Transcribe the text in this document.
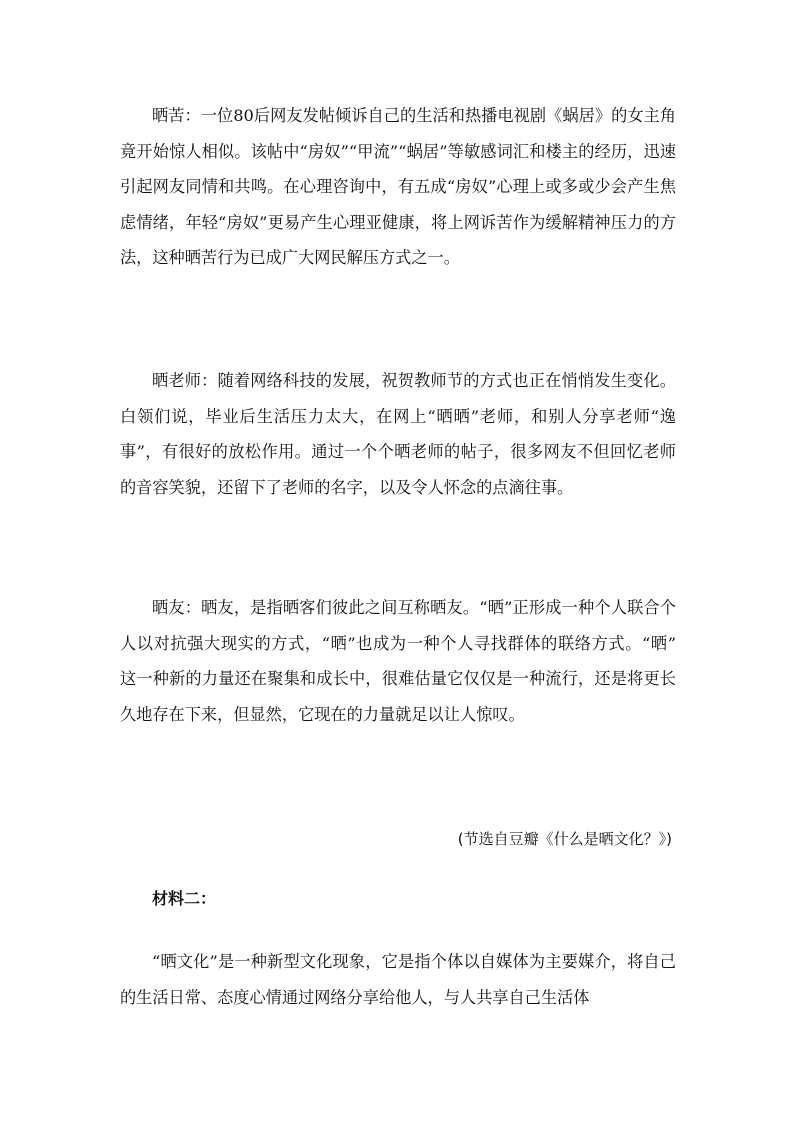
晒苦：一位80后网友发帖倾诉自己的生活和热播电视剧《蜗居》的女主角竟开始惊人相似。该帖中“房奴”“甲流”“蜗居”等敏感词汇和楼主的经历，迅速引起网友同情和共鸣。在心理咨询中，有五成“房奴”心理上或多或少会产生焦虑情绪，年轻“房奴”更易产生心理亚健康，将上网诉苦作为缓解精神压力的方法，这种晒苦行为已成广大网民解压方式之一。

晒老师：随着网络科技的发展，祝贺教师节的方式也正在悄悄发生变化。白领们说，毕业后生活压力太大，在网上“晒晒”老师，和别人分享老师“逸事”，有很好的放松作用。通过一个个晒老师的帖子，很多网友不但回忆老师的音容笑貌，还留下了老师的名字，以及令人怀念的点滴往事。

晒友：晒友，是指晒客们彼此之间互称晒友。“晒”正形成一种个人联合个人以对抗强大现实的方式，“晒”也成为一种个人寻找群体的联络方式。“晒” 这一种新的力量还在聚集和成长中，很难估量它仅仅是一种流行，还是将更长久地存在下来，但显然，它现在的力量就足以让人惊叹。

(节选自豆瓣《什么是晒文化？》)

材料二：

“晒文化”是一种新型文化现象，它是指个体以自媒体为主要媒介，将自己的生活日常、态度心情通过网络分享给他人，与人共享自己生活体
